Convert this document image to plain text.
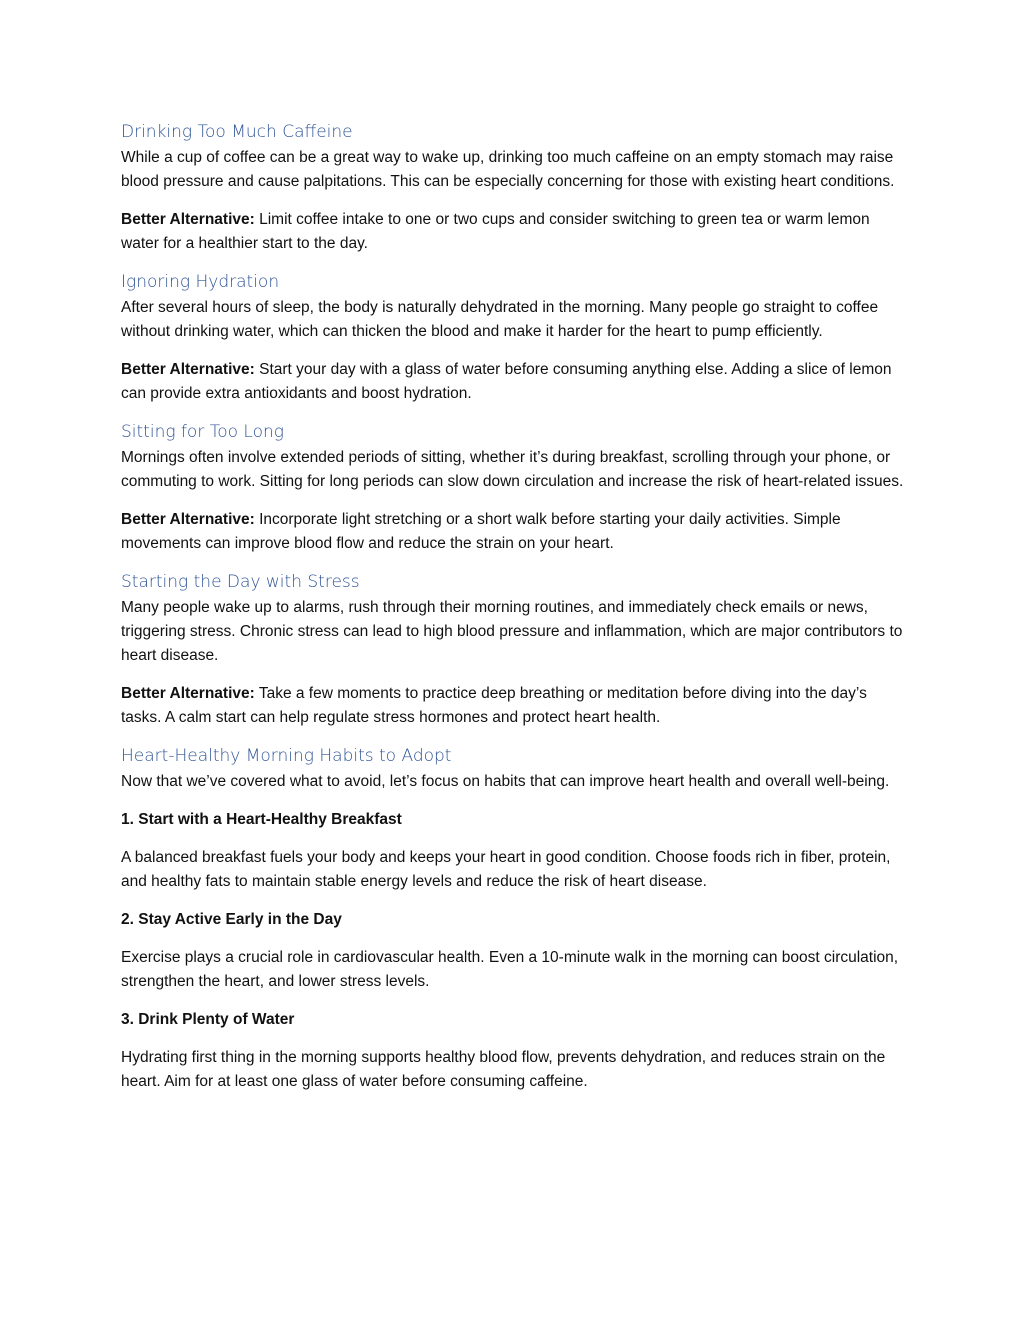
Drinking Too Much Caffeine

While a cup of coffee can be a great way to wake up, drinking too much caffeine on an empty stomach may raise blood pressure and cause palpitations. This can be especially concerning for those with existing heart conditions.

Better Alternative: Limit coffee intake to one or two cups and consider switching to green tea or warm lemon water for a healthier start to the day.

Ignoring Hydration

After several hours of sleep, the body is naturally dehydrated in the morning. Many people go straight to coffee without drinking water, which can thicken the blood and make it harder for the heart to pump efficiently.

Better Alternative: Start your day with a glass of water before consuming anything else. Adding a slice of lemon can provide extra antioxidants and boost hydration.

Sitting for Too Long

Mornings often involve extended periods of sitting, whether it’s during breakfast, scrolling through your phone, or commuting to work. Sitting for long periods can slow down circulation and increase the risk of heart-related issues.

Better Alternative: Incorporate light stretching or a short walk before starting your daily activities. Simple movements can improve blood flow and reduce the strain on your heart.

Starting the Day with Stress

Many people wake up to alarms, rush through their morning routines, and immediately check emails or news, triggering stress. Chronic stress can lead to high blood pressure and inflammation, which are major contributors to heart disease.

Better Alternative: Take a few moments to practice deep breathing or meditation before diving into the day’s tasks. A calm start can help regulate stress hormones and protect heart health.

Heart-Healthy Morning Habits to Adopt

Now that we’ve covered what to avoid, let’s focus on habits that can improve heart health and overall well-being.

1. Start with a Heart-Healthy Breakfast

A balanced breakfast fuels your body and keeps your heart in good condition. Choose foods rich in fiber, protein, and healthy fats to maintain stable energy levels and reduce the risk of heart disease.

2. Stay Active Early in the Day

Exercise plays a crucial role in cardiovascular health. Even a 10-minute walk in the morning can boost circulation, strengthen the heart, and lower stress levels.

3. Drink Plenty of Water

Hydrating first thing in the morning supports healthy blood flow, prevents dehydration, and reduces strain on the heart. Aim for at least one glass of water before consuming caffeine.
